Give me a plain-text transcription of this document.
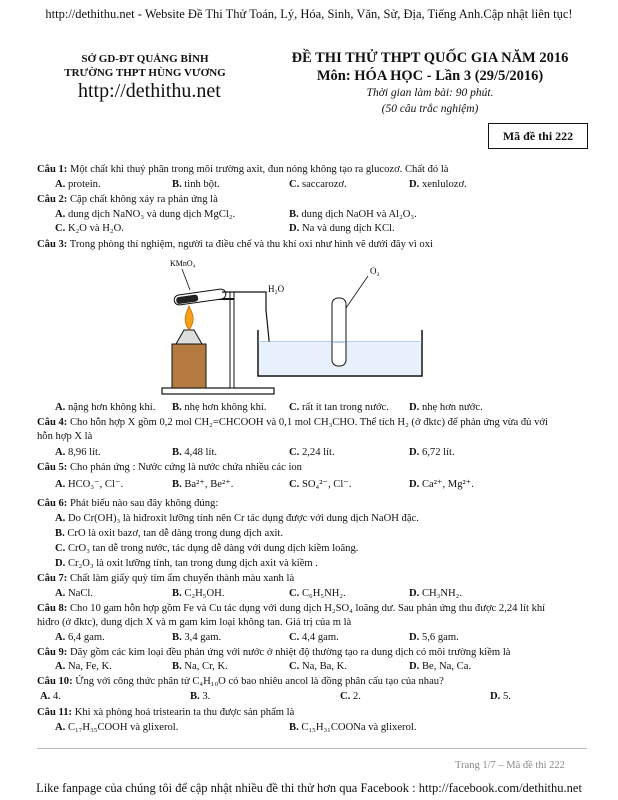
http://dethithu.net - Website Đề Thi Thử Toán, Lý, Hóa, Sinh, Văn, Sử, Địa, Tiếng Anh.Cập nhật liên tục!
SỞ GD-ĐT QUẢNG BÌNH
TRƯỜNG THPT HÙNG VƯƠNG
http://dethithu.net
ĐỀ THI THỬ THPT QUỐC GIA NĂM 2016
Môn: HÓA HỌC - Lần 3 (29/5/2016)
Thời gian làm bài: 90 phút.
(50 câu trắc nghiệm)
Mã đề thi 222
Câu 1: Một chất khi thuỷ phân trong môi trường axit, đun nóng không tạo ra glucozơ. Chất đó là
A. protein.	B. tinh bột.	C. saccarozơ.	D. xenlulozơ.
Câu 2: Cặp chất không xảy ra phản ứng là
A. dung dịch NaNO₃ và dung dịch MgCl₂.	B. dung dịch NaOH và Al₂O₃.
C. K₂O và H₂O.	D. Na và dung dịch KCl.
Câu 3: Trong phòng thí nghiệm, người ta điều chế và thu khí oxi như hình vẽ dưới đây vì oxi
KMnO₄
H₂O
O₂
A. nặng hơn không khí. B. nhẹ hơn không khí. C. rất ít tan trong nước. D. nhẹ hơn nước.
Câu 4: Cho hỗn hợp X gồm 0,2 mol CH₂=CHCOOH và 0,1 mol CH₃CHO. Thể tích H₂ (ở đktc) để phản ứng vừa đủ với
hỗn hợp X là
A. 8,96 lít.	B. 4,48 lít.	C. 2,24 lít.	D. 6,72 lít.
Câu 5: Cho phản ứng : Nước cứng là nước chứa nhiều các ion
A. HCO₃⁻, Cl⁻.	B. Ba²⁺, Be²⁺.	C. SO₄²⁻, Cl⁻.	D. Ca²⁺, Mg²⁺.
Câu 6: Phát biểu nào sau đây không đúng:
A. Do Cr(OH)₃ là hiđroxit lưỡng tính nên Cr tác dụng được với dung dịch NaOH đặc.
B. CrO là oxit bazơ, tan dễ dàng trong dung dịch axit.
C. CrO₃ tan dễ trong nước, tác dụng dễ dàng với dung dịch kiềm loãng.
D. Cr₂O₃ là oxit lưỡng tính, tan trong dung dịch axit và kiềm .
Câu 7: Chất làm giấy quỳ tím ẩm chuyển thành màu xanh là
A. NaCl.	B. C₂H₅OH.	C. C₆H₅NH₂.	D. CH₃NH₂.
Câu 8: Cho 10 gam hỗn hợp gồm Fe và Cu tác dụng với dung dịch H₂SO₄ loãng dư. Sau phản ứng thu được 2,24 lít khí
hiđro (ở đktc), dung dịch X và m gam kim loại không tan. Giá trị của m là
A. 6,4 gam.	B. 3,4 gam.	C. 4,4 gam.	D. 5,6 gam.
Câu 9: Dãy gồm các kim loại đều phản ứng với nước ở nhiệt độ thường tạo ra dung dịch có môi trường kiềm là
A. Na, Fe, K.	B. Na, Cr, K.	C. Na, Ba, K.	D. Be, Na, Ca.
Câu 10: Ứng với công thức phân tử C₄H₁₀O có bao nhiêu ancol là đồng phân cấu tạo của nhau?
A. 4.	B. 3.	C. 2.	D. 5.
Câu 11: Khi xà phòng hoá tristearin ta thu được sản phẩm là
A. C₁₇H₃₅COOH và glixerol.	B. C₁₅H₃₁COONa và glixerol.
Trang 1/7 – Mã đề thi 222
Like fanpage của chúng tôi để cập nhật nhiều đề thi thử hơn qua Facebook : http://facebook.com/dethithu.net
